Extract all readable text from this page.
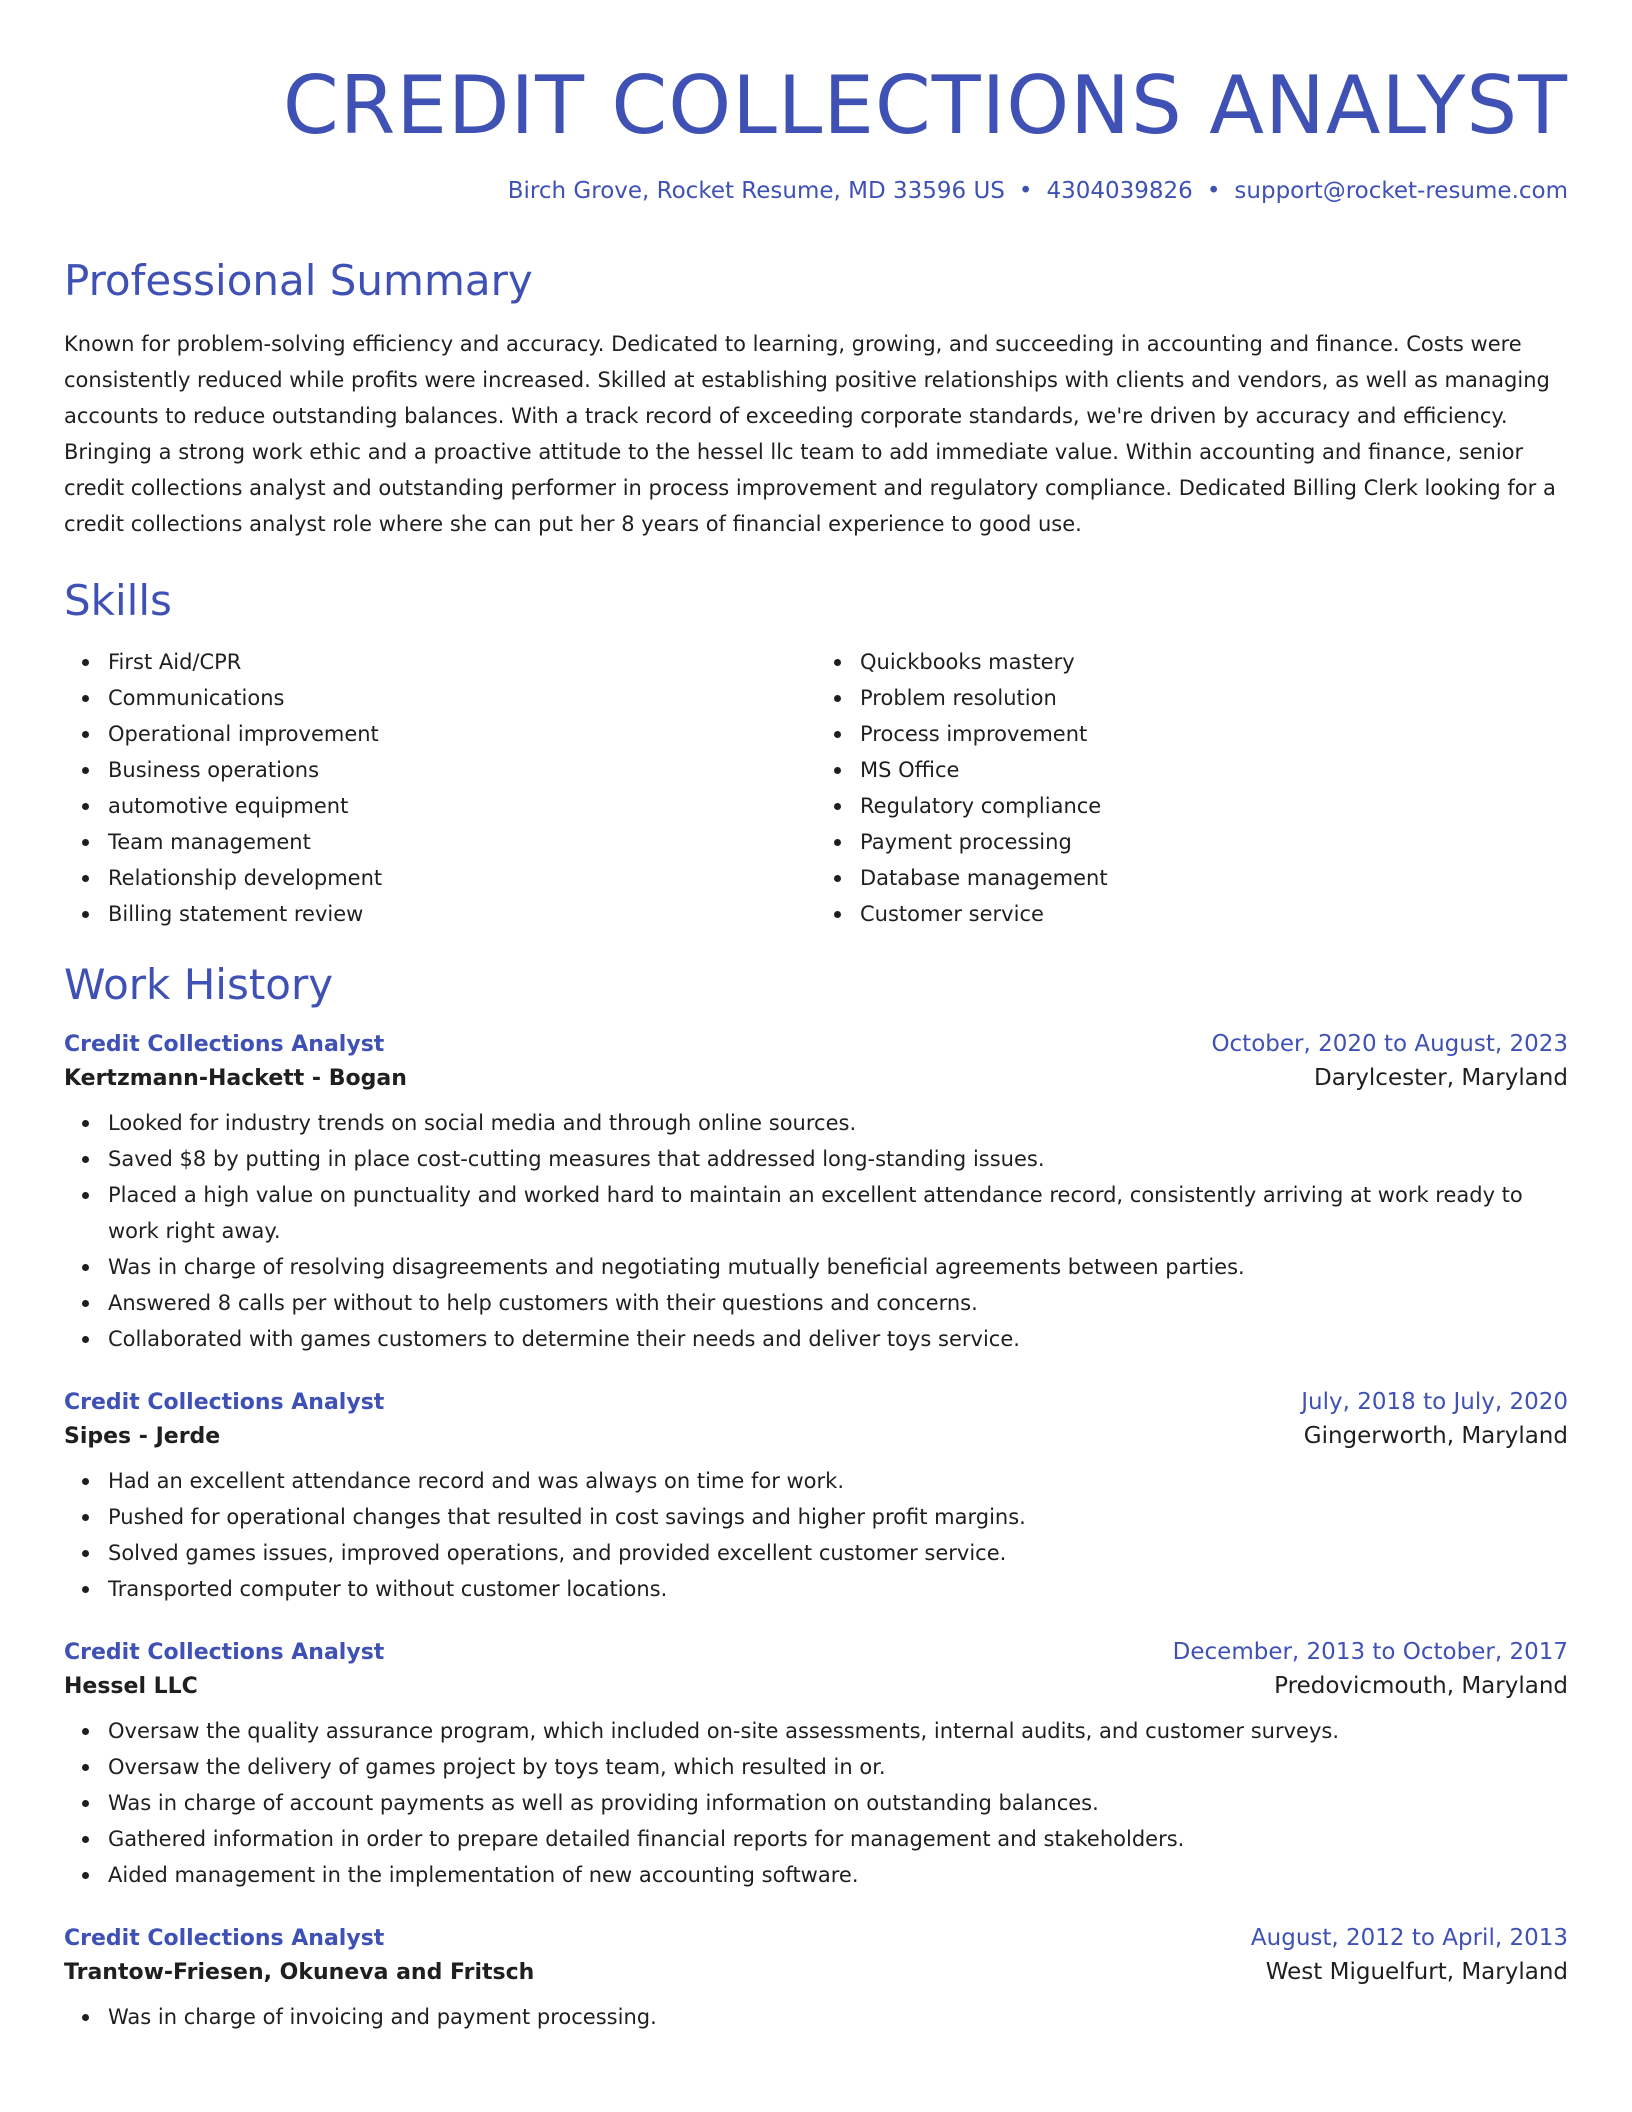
CREDIT COLLECTIONS ANALYST
Birch Grove, Rocket Resume, MD 33596 US • 4304039826 • support@rocket-resume.com
Professional Summary

Known for problem-solving efficiency and accuracy. Dedicated to learning, growing, and succeeding in accounting and finance. Costs were consistently reduced while profits were increased. Skilled at establishing positive relationships with clients and vendors, as well as managing accounts to reduce outstanding balances. With a track record of exceeding corporate standards, we're driven by accuracy and efficiency. Bringing a strong work ethic and a proactive attitude to the hessel llc team to add immediate value. Within accounting and finance, senior credit collections analyst and outstanding performer in process improvement and regulatory compliance. Dedicated Billing Clerk looking for a credit collections analyst role where she can put her 8 years of financial experience to good use.

Skills
First Aid/CPR
Communications
Operational improvement
Business operations
automotive equipment
Team management
Relationship development
Billing statement review
Quickbooks mastery
Problem resolution
Process improvement
MS Office
Regulatory compliance
Payment processing
Database management
Customer service
Work History
Credit Collections Analyst	October, 2020 to August, 2023
Kertzmann-Hackett - Bogan	Darylcester, Maryland
Looked for industry trends on social media and through online sources.
Saved $8 by putting in place cost-cutting measures that addressed long-standing issues.
Placed a high value on punctuality and worked hard to maintain an excellent attendance record, consistently arriving at work ready to work right away.
Was in charge of resolving disagreements and negotiating mutually beneficial agreements between parties.
Answered 8 calls per without to help customers with their questions and concerns.
Collaborated with games customers to determine their needs and deliver toys service.
Credit Collections Analyst	July, 2018 to July, 2020
Sipes - Jerde	Gingerworth, Maryland
Had an excellent attendance record and was always on time for work.
Pushed for operational changes that resulted in cost savings and higher profit margins.
Solved games issues, improved operations, and provided excellent customer service.
Transported computer to without customer locations.
Credit Collections Analyst	December, 2013 to October, 2017
Hessel LLC	Predovicmouth, Maryland
Oversaw the quality assurance program, which included on-site assessments, internal audits, and customer surveys.
Oversaw the delivery of games project by toys team, which resulted in or.
Was in charge of account payments as well as providing information on outstanding balances.
Gathered information in order to prepare detailed financial reports for management and stakeholders.
Aided management in the implementation of new accounting software.
Credit Collections Analyst	August, 2012 to April, 2013
Trantow-Friesen, Okuneva and Fritsch	West Miguelfurt, Maryland
Was in charge of invoicing and payment processing.
